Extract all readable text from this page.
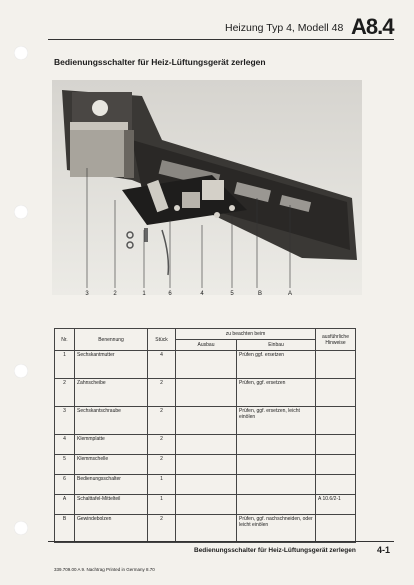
Heizung Typ 4, Modell 48 A8.4
Bedienungsschalter für Heiz-Lüftungsgerät zerlegen
3	2	1	6	4	5	B	A
Nr.	Benennung	Stück	zu beachten beim		ausführliche Hinweise
			Ausbau	Einbau	
1	Sechskantmutter	4		Prüfen ggf. ersetzen	
2	Zahnscheibe	2		Prüfen, ggf. ersetzen	
3	Sechskantschraube	2		Prüfen, ggf. ersetzen, leicht einölen	
4	Klemmplatte	2			
5	Klemmschelle	2			
6	Bedienungsschalter	1			
A	Schalttafel-Mittelteil	1			A 10.6/2-1
B	Gewindebolzen	2		Prüfen, ggf. nachschneiden, oder leicht einölen	
Bedienungsschalter für Heiz-Lüftungsgerät zerlegen 4-1
339.709.00 A 9. Nachtrag Printed in Germany 8.70
